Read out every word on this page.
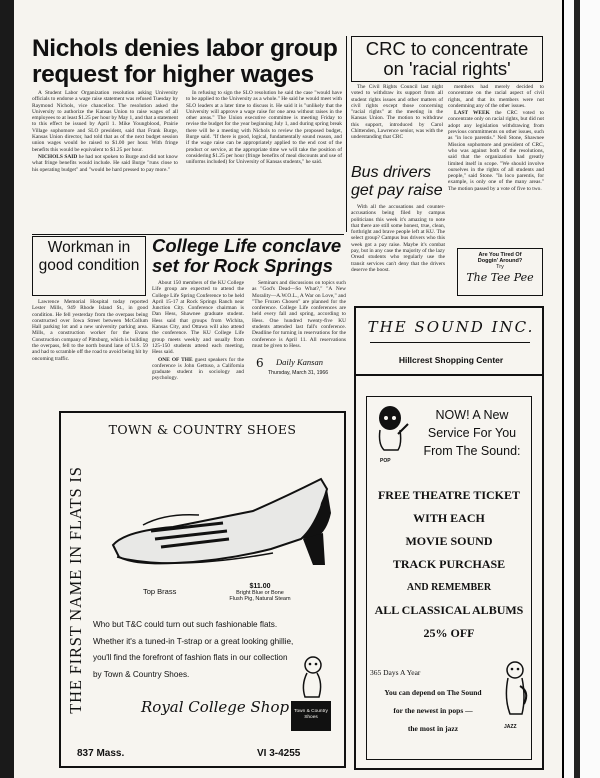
Nichols denies labor group request for higher wages

A Student Labor Organization resolution asking University officials to endorse a wage raise statement was refused Tuesday by Raymond Nichols, vice chancellor. The resolution asked the University to authorize the Kansas Union to raise wages of all employees to at least $1.25 per hour by May 1, and that a statement to this effect be issued by April 1. Mike Youngblood, Prairie Village sophomore and SLO president, said that Frank Burge, Kansas Union director, had told that as of the next budget session union wages would be raised to $1.00 per hour. With fringe benefits this would be equivalent to $1.25 per hour.

NICHOLS SAID he had not spoken to Burge and did not know what fringe benefits would include. He said Burge "runs close to his operating budget" and "would be hard pressed to pay more."

In refusing to sign the SLO resolution he said the case "would have to be applied to the University as a whole." He said he would meet with SLO leaders at a later time to discuss it. He said it is "unlikely that the University will approve a wage raise for one area without raises in the other areas." The Union executive committee is meeting Friday to revise the budget for the year beginning July 1, and during spring break there will be a meeting with Nichols to review the proposed budget, Burge said. "If there is good, logical, fundamentally sound reason, and if the wage raise can be appropriately applied to the end cost of the product or service, at the appropriate time we will take the position of considering $1.25 per hour (fringe benefits of meal discounts and use of uniforms included) for University of Kansas students," he said.

CRC to concentrate on 'racial rights'

The Civil Rights Council last night voted to withdraw its support from all student rights issues and other matters of civil rights except those concerning "racial rights" at the meeting in the Kansas Union. The motion to withdraw this support, introduced by Carol Chittenden, Lawrence senior, was with the understanding that CRC

members had merely decided to concentrate on the racial aspect of civil rights, and that its members were not condemning any of the other issues.

LAST WEEK the CRC voted to concentrate only on racial rights, but did not adopt any legislation withdrawing from previous commitments on other issues, such as "in loco parentis." Neil Stone, Shawnee Mission sophomore and president of CRC, who was against both of the resolutions, said that the organization had greatly limited itself in scope. "We should involve ourselves in the rights of all students and people," said Stone. "In loco parentis, for example, is only one of the many areas." The motion passed by a vote of five to two.

Bus drivers get pay raise

With all the accusations and counter-accusations being filed by campus politicians this week it's amazing to note that there are still some honest, true, clean, forthright and brave people left at KU. The select group? Campus bus drivers who this week got a pay raise. Maybe it's combat pay, but in any case the majority of the lazy Oread students who regularly use the transit services can't deny that the drivers deserve the boost.

Are You Tired Of
Doggin' Around?
Try
The Tee Pee
Workman in good condition

Lawrence Memorial Hospital today reported Lester Mills, 949 Rhode Island St., in good condition. He fell yesterday from the overpass being constructed over Iowa Street between McCollum Hall parking lot and a new university parking area. Mills, a construction worker for the Evans Construction company of Pittsburg, which is building the overpass, fell to the north bound lane of U.S. 59 and had to scramble off the road to avoid being hit by oncoming traffic.

College Life conclave set for Rock Springs

About 150 members of the KU College Life group are expected to attend the College Life Spring Conference to be held April 15-17 at Rock Springs Ranch near Junction City. Conference chairman is Dan Hess, Shawnee graduate student. Hess said that groups from Wichita, Kansas City, and Ottawa will also attend the conference. The KU College Life group meets weekly and usually from 125-150 students attend each meeting, Hess said.

ONE OF THE guest speakers for the conference is John Gettuso, a California graduate student in sociology and psychology.

Seminars and discussions on topics such as "God's Dead—So What?," "A New Morality—A.W.O.L., A War on Love," and "The Frozen Chosen" are planned for the conference. College Life conferences are held every fall and spring, according to Hess. One hundred twenty-five KU students attended last fall's conference. Deadline for turning in reservations for the conference is April 11. All reservations must be given to Hess.

6 Daily Kansan
Thursday, March 31, 1966
TOWN & COUNTRY SHOES
THE FIRST NAME IN FLATS IS	Top Brass
$11.00
Bright Blue or Bone
Flush Pig, Natural Steam
Who but T&C could turn out such fashionable flats. Whether it's a tuned-in T-strap or a great looking ghillie, you'll find the forefront of fashion flats in our collection by Town & Country Shoes.
Town & Country
Shoes
Royal College Shop
837 Mass.	VI 3-4255
THE SOUND INC.
Hillcrest Shopping Center
POP
NOW! A New
Service For You
From The Sound:
FREE THEATRE TICKET
WITH EACH
MOVIE SOUND
TRACK PURCHASE
AND REMEMBER
ALL CLASSICAL ALBUMS
25% OFF
365 Days A Year
You can depend on The Sound
for the newest in pops —
the most in jazz	JAZZ
